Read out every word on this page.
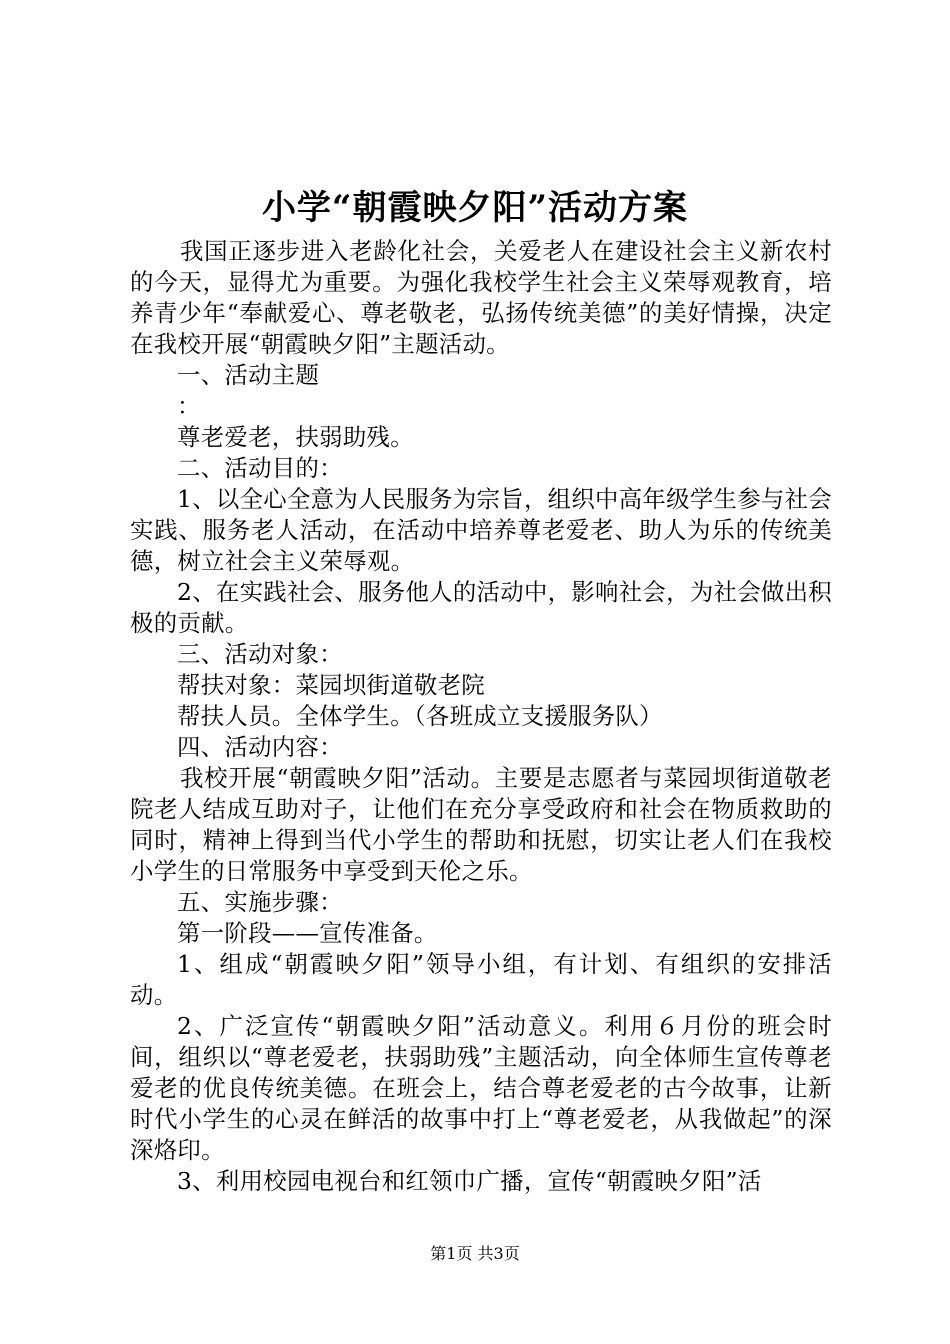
小学“朝霞映夕阳”活动方案

我国正逐步进入老龄化社会，关爱老人在建设社会主义新农村的今天，显得尤为重要。为强化我校学生社会主义荣辱观教育，培养青少年“奉献爱心、尊老敬老，弘扬传统美德”的美好情操，决定在我校开展“朝霞映夕阳”主题活动。

一、活动主题

：

尊老爱老，扶弱助残。

二、活动目的：

1、以全心全意为人民服务为宗旨，组织中高年级学生参与社会实践、服务老人活动，在活动中培养尊老爱老、助人为乐的传统美德，树立社会主义荣辱观。

2、在实践社会、服务他人的活动中，影响社会，为社会做出积极的贡献。

三、活动对象：

帮扶对象：菜园坝街道敬老院

帮扶人员。全体学生。（各班成立支援服务队）

四、活动内容：

我校开展“朝霞映夕阳”活动。主要是志愿者与菜园坝街道敬老院老人结成互助对子，让他们在充分享受政府和社会在物质救助的同时，精神上得到当代小学生的帮助和抚慰，切实让老人们在我校小学生的日常服务中享受到天伦之乐。

五、实施步骤：

第一阶段——宣传准备。

1、组成“朝霞映夕阳”领导小组，有计划、有组织的安排活动。

2、广泛宣传“朝霞映夕阳”活动意义。利用６月份的班会时间，组织以“尊老爱老，扶弱助残”主题活动，向全体师生宣传尊老爱老的优良传统美德。在班会上，结合尊老爱老的古今故事，让新时代小学生的心灵在鲜活的故事中打上“尊老爱老，从我做起”的深深烙印。

3、利用校园电视台和红领巾广播，宣传“朝霞映夕阳”活

第1页 共3页
